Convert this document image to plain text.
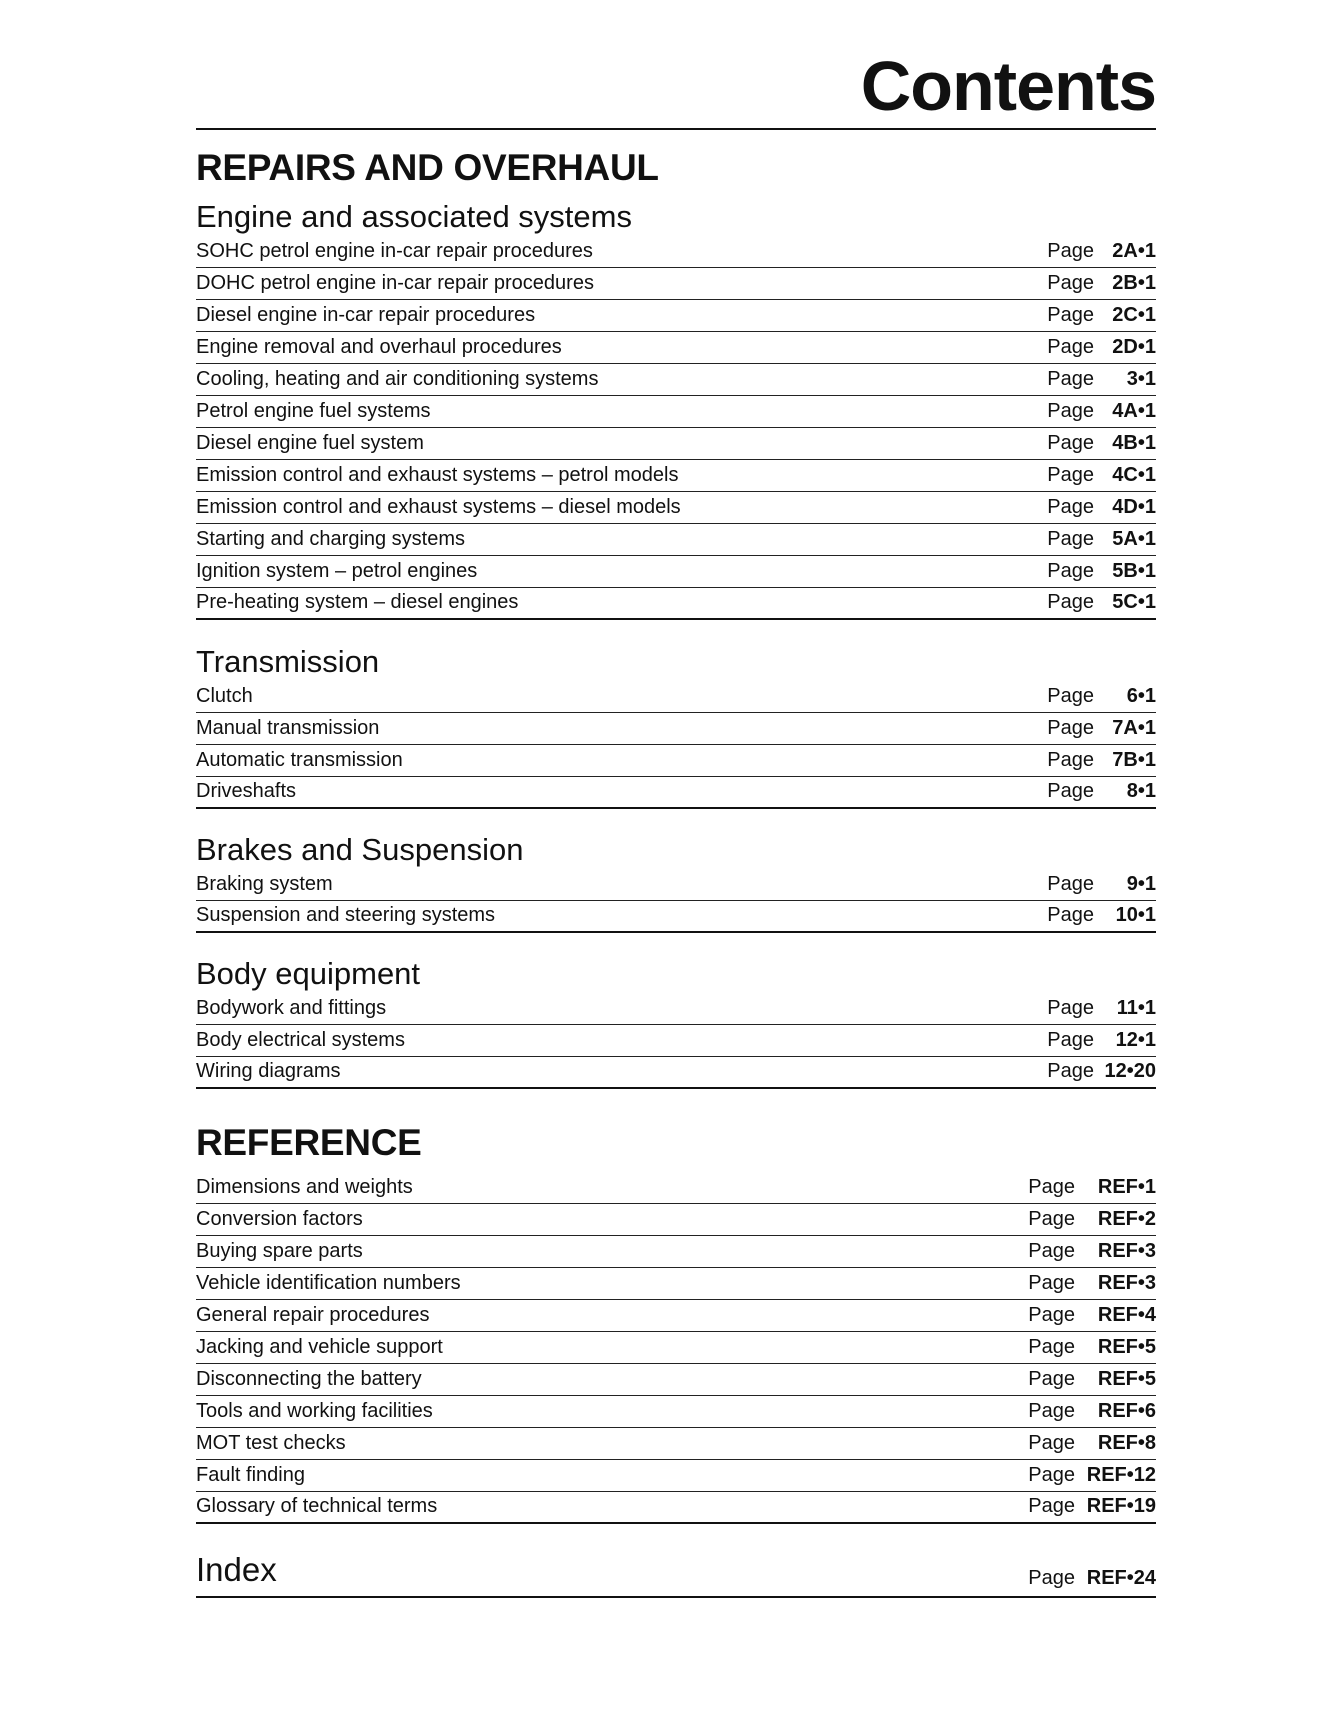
Contents
REPAIRS AND OVERHAUL
Engine and associated systems
SOHC petrol engine in-car repair procedures	Page 2A•1
DOHC petrol engine in-car repair procedures	Page 2B•1
Diesel engine in-car repair procedures	Page 2C•1
Engine removal and overhaul procedures	Page 2D•1
Cooling, heating and air conditioning systems	Page 3•1
Petrol engine fuel systems	Page 4A•1
Diesel engine fuel system	Page 4B•1
Emission control and exhaust systems – petrol models	Page 4C•1
Emission control and exhaust systems – diesel models	Page 4D•1
Starting and charging systems	Page 5A•1
Ignition system – petrol engines	Page 5B•1
Pre-heating system – diesel engines	Page 5C•1
Transmission
Clutch	Page 6•1
Manual transmission	Page 7A•1
Automatic transmission	Page 7B•1
Driveshafts	Page 8•1
Brakes and Suspension
Braking system	Page 9•1
Suspension and steering systems	Page 10•1
Body equipment
Bodywork and fittings	Page 11•1
Body electrical systems	Page 12•1
Wiring diagrams	Page 12•20
REFERENCE
Dimensions and weights	Page REF•1
Conversion factors	Page REF•2
Buying spare parts	Page REF•3
Vehicle identification numbers	Page REF•3
General repair procedures	Page REF•4
Jacking and vehicle support	Page REF•5
Disconnecting the battery	Page REF•5
Tools and working facilities	Page REF•6
MOT test checks	Page REF•8
Fault finding	Page REF•12
Glossary of technical terms	Page REF•19
Index	Page REF•24
